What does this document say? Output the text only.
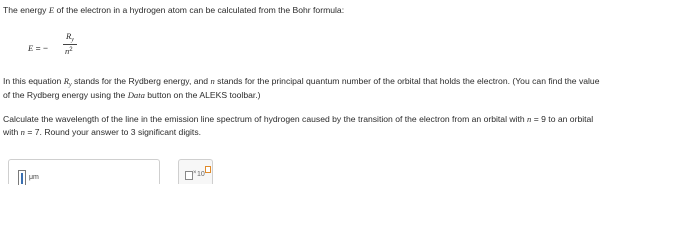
The energy E of the electron in a hydrogen atom can be calculated from the Bohr formula:
E = −
$R_y$
$n^2$
In this equation $R_y$ stands for the Rydberg energy, and n stands for the principal quantum number of the orbital that holds the electron. (You can find the value
of the Rydberg energy using the Data button on the ALEKS toolbar.)
Calculate the wavelength of the line in the emission line spectrum of hydrogen caused by the transition of the electron from an orbital with n = 9 to an orbital
with n = 7. Round your answer to 3 significant digits.
μm
× 10
